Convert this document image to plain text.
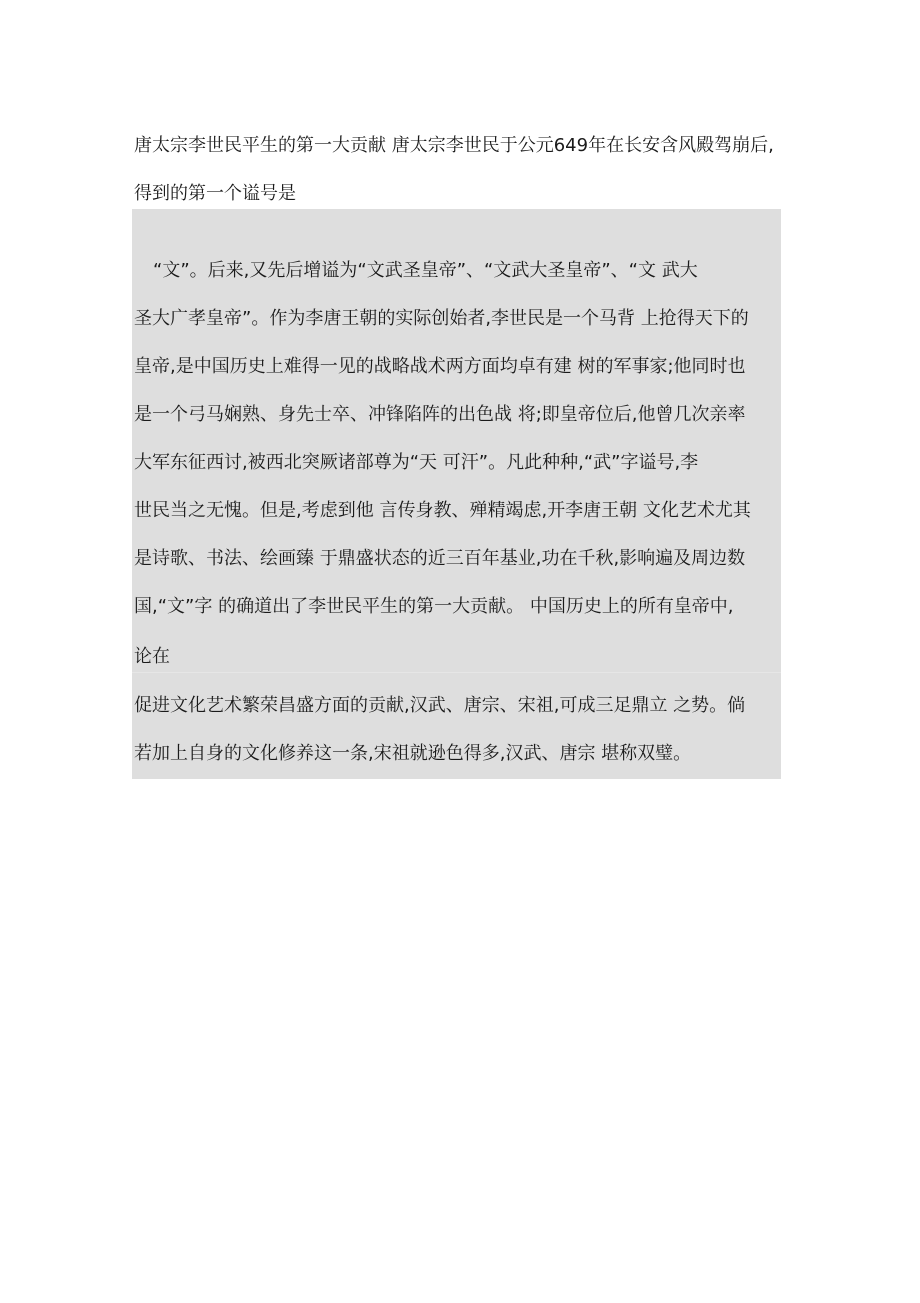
唐太宗李世民平生的第一大贡献 唐太宗李世民于公元649年在长安含风殿驾崩后,
得到的第一个谥号是
“文”。后来,又先后增谥为“文武圣皇帝”、“文武大圣皇帝”、“文 武大
圣大广孝皇帝”。作为李唐王朝的实际创始者,李世民是一个马背 上抢得天下的
皇帝,是中国历史上难得一见的战略战术两方面均卓有建 树的军事家;他同时也
是一个弓马娴熟、身先士卒、冲锋陷阵的出色战 将;即皇帝位后,他曾几次亲率
大军东征西讨,被西北突厥诸部尊为“天 可汗”。凡此种种,“武”字谥号,李
世民当之无愧。但是,考虑到他 言传身教、殚精竭虑,开李唐王朝 文化艺术尤其
是诗歌、书法、绘画臻 于鼎盛状态的近三百年基业,功在千秋,影响遍及周边数
国,“文”字 的确道出了李世民平生的第一大贡献。 中国历史上的所有皇帝中,
论在
促进文化艺术繁荣昌盛方面的贡献,汉武、唐宗、宋祖,可成三足鼎立 之势。倘
若加上自身的文化修养这一条,宋祖就逊色得多,汉武、唐宗 堪称双璧。
